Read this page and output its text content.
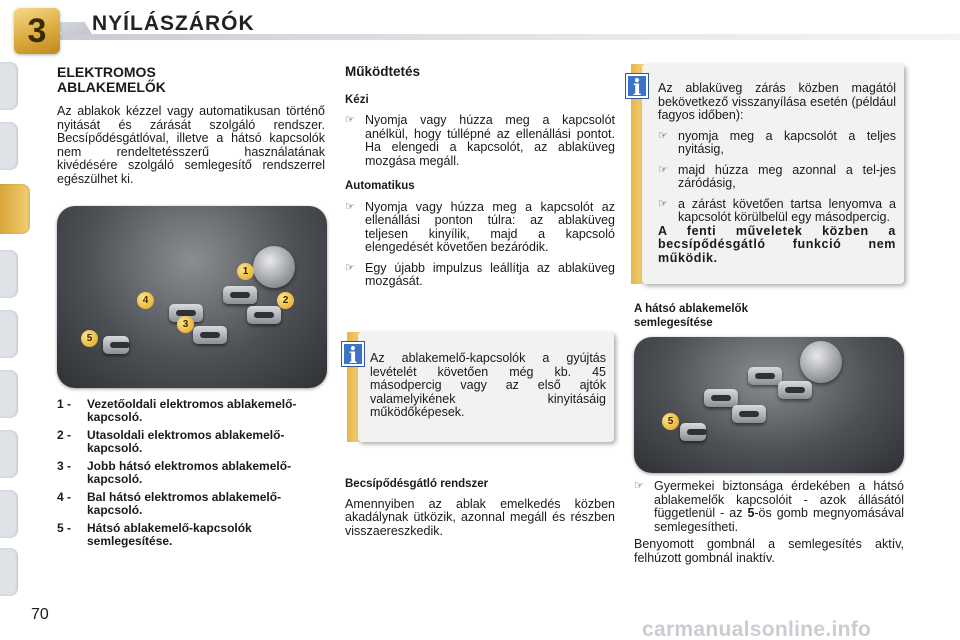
3	NYÍLÁSZÁRÓK
ELEKTROMOS
ABLAKEMELŐK

Az ablakok kézzel vagy automatikusan történő nyitását és zárását szolgáló rendszer. Becsípődésgátlóval, illetve a hátsó kapcsolók nem rendeltetésszerű használatának kivédésére szolgáló semlegesítő rendszerrel egészülhet ki.

1
2
3
4
5
1 -	Vezetőoldali elektromos ablakemelő-kapcsoló.
2 -	Utasoldali elektromos ablakemelő-kapcsoló.
3 -	Jobb hátsó elektromos ablakemelő-kapcsoló.
4 -	Bal hátsó elektromos ablakemelő-kapcsoló.
5 -	Hátsó ablakemelő-kapcsolók semlegesítése.
Működtetés
Kézi
☞ Nyomja vagy húzza meg a kapcsolót anélkül, hogy túllépné az ellenállási pontot. Ha elengedi a kapcsolót, az ablaküveg mozgása megáll.
Automatikus
☞ Nyomja vagy húzza meg a kapcsolót az ellenállási ponton túlra: az ablaküveg teljesen kinyílik, majd a kapcsoló elengedését követően bezáródik.
☞ Egy újabb impulzus leállítja az ablaküveg mozgását.
Az ablakemelő-kapcsolók a gyújtás levételét követően még kb. 45 másodpercig vagy az első ajtók valamelyikének kinyitásáig működőképesek.
i
Becsípődésgátló rendszer

Amennyiben az ablak emelkedés közben akadálynak ütközik, azonnal megáll és részben visszaereszkedik.

Az ablaküveg zárás közben magától bekövetkező visszanyílása esetén (például fagyos időben):

☞ nyomja meg a kapcsolót a teljes nyitásig,
☞ majd húzza meg azonnal a tel-jes záródásig,
☞ a zárást követően tartsa lenyomva a kapcsolót körülbelül egy másodpercig.

A fenti műveletek közben a becsípődésgátló funkció nem működik.

i
A hátsó ablakemelők
semlegesítése
5
☞ Gyermekei biztonsága érdekében a hátsó ablakemelők kapcsolóit - azok állásától függetlenül - az 5-ös gomb megnyomásával semlegesítheti.

Benyomott gombnál a semlegesítés aktív, felhúzott gombnál inaktív.

70
carmanualsonline.info
